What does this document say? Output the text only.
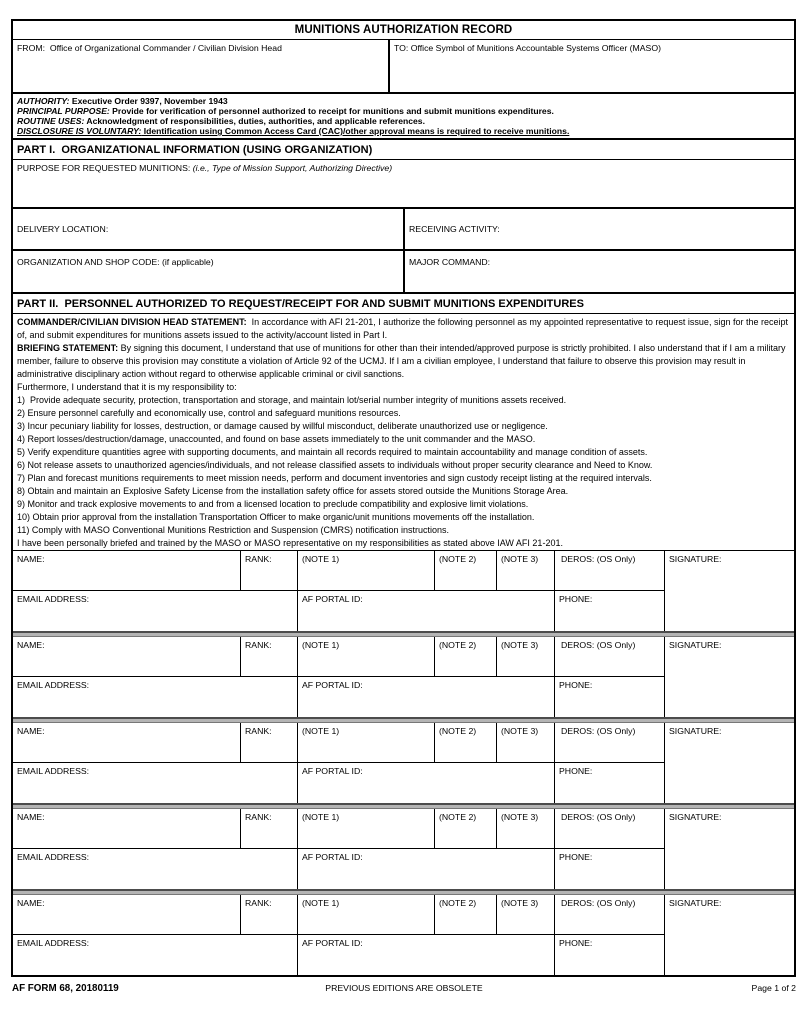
MUNITIONS AUTHORIZATION RECORD
FROM:  Office of Organizational Commander / Civilian Division Head	TO: Office Symbol of Munitions Accountable Systems Officer (MASO)
AUTHORITY: Executive Order 9397, November 1943
PRINCIPAL PURPOSE: Provide for verification of personnel authorized to receipt for munitions and submit munitions expenditures.
ROUTINE USES: Acknowledgment of responsibilities, duties, authorities, and applicable references.
DISCLOSURE IS VOLUNTARY: Identification using Common Access Card (CAC)/other approval means is required to receive munitions.
PART I.  ORGANIZATIONAL INFORMATION (USING ORGANIZATION)
PURPOSE FOR REQUESTED MUNITIONS: (i.e., Type of Mission Support, Authorizing Directive)
DELIVERY LOCATION:	RECEIVING ACTIVITY:
ORGANIZATION AND SHOP CODE: (if applicable)	MAJOR COMMAND:
PART II.  PERSONNEL AUTHORIZED TO REQUEST/RECEIPT FOR AND SUBMIT MUNITIONS EXPENDITURES
COMMANDER/CIVILIAN DIVISION HEAD STATEMENT:  In accordance with AFI 21-201, I authorize the following personnel as my appointed representative to request issue, sign for the receipt of, and submit expenditures for munitions assets issued to the activity/account listed in Part I.
BRIEFING STATEMENT: By signing this document, I understand that use of munitions for other than their intended/approved purpose is strictly prohibited. I also understand that if I am a military member, failure to observe this provision may constitute a violation of Article 92 of the UCMJ. If I am a civilian employee, I understand that failure to observe this provision may result in administrative disciplinary action without regard to otherwise applicable criminal or civil sanctions.
Furthermore, I understand that it is my responsibility to:
1)  Provide adequate security, protection, transportation and storage, and maintain lot/serial number integrity of munitions assets received.
2) Ensure personnel carefully and economically use, control and safeguard munitions resources.
3) Incur pecuniary liability for losses, destruction, or damage caused by willful misconduct, deliberate unauthorized use or negligence.
4) Report losses/destruction/damage, unaccounted, and found on base assets immediately to the unit commander and the MASO.
5) Verify expenditure quantities agree with supporting documents, and maintain all records required to maintain accountability and manage condition of assets.
6) Not release assets to unauthorized agencies/individuals, and not release classified assets to individuals without proper security clearance and Need to Know.
7) Plan and forecast munitions requirements to meet mission needs, perform and document inventories and sign custody receipt listing at the required intervals.
8) Obtain and maintain an Explosive Safety License from the installation safety office for assets stored outside the Munitions Storage Area.
9) Monitor and track explosive movements to and from a licensed location to preclude compatibility and explosive limit violations.
10) Obtain prior approval from the installation Transportation Officer to make organic/unit munitions movements off the installation.
11) Comply with MASO Conventional Munitions Restriction and Suspension (CMRS) notification instructions.
I have been personally briefed and trained by the MASO or MASO representative on my responsibilities as stated above IAW AFI 21-201.
NAME:	RANK:	(NOTE 1)	(NOTE 2)	(NOTE 3)	DEROS: (OS Only)	SIGNATURE:
EMAIL ADDRESS:	AF PORTAL ID:	PHONE:
NAME:	RANK:	(NOTE 1)	(NOTE 2)	(NOTE 3)	DEROS: (OS Only)	SIGNATURE:
EMAIL ADDRESS:	AF PORTAL ID:	PHONE:
NAME:	RANK:	(NOTE 1)	(NOTE 2)	(NOTE 3)	DEROS: (OS Only)	SIGNATURE:
EMAIL ADDRESS:	AF PORTAL ID:	PHONE:
NAME:	RANK:	(NOTE 1)	(NOTE 2)	(NOTE 3)	DEROS: (OS Only)	SIGNATURE:
EMAIL ADDRESS:	AF PORTAL ID:	PHONE:
NAME:	RANK:	(NOTE 1)	(NOTE 2)	(NOTE 3)	DEROS: (OS Only)	SIGNATURE:
EMAIL ADDRESS:	AF PORTAL ID:	PHONE:
AF FORM 68, 20180119	PREVIOUS EDITIONS ARE OBSOLETE	Page 1 of 2
